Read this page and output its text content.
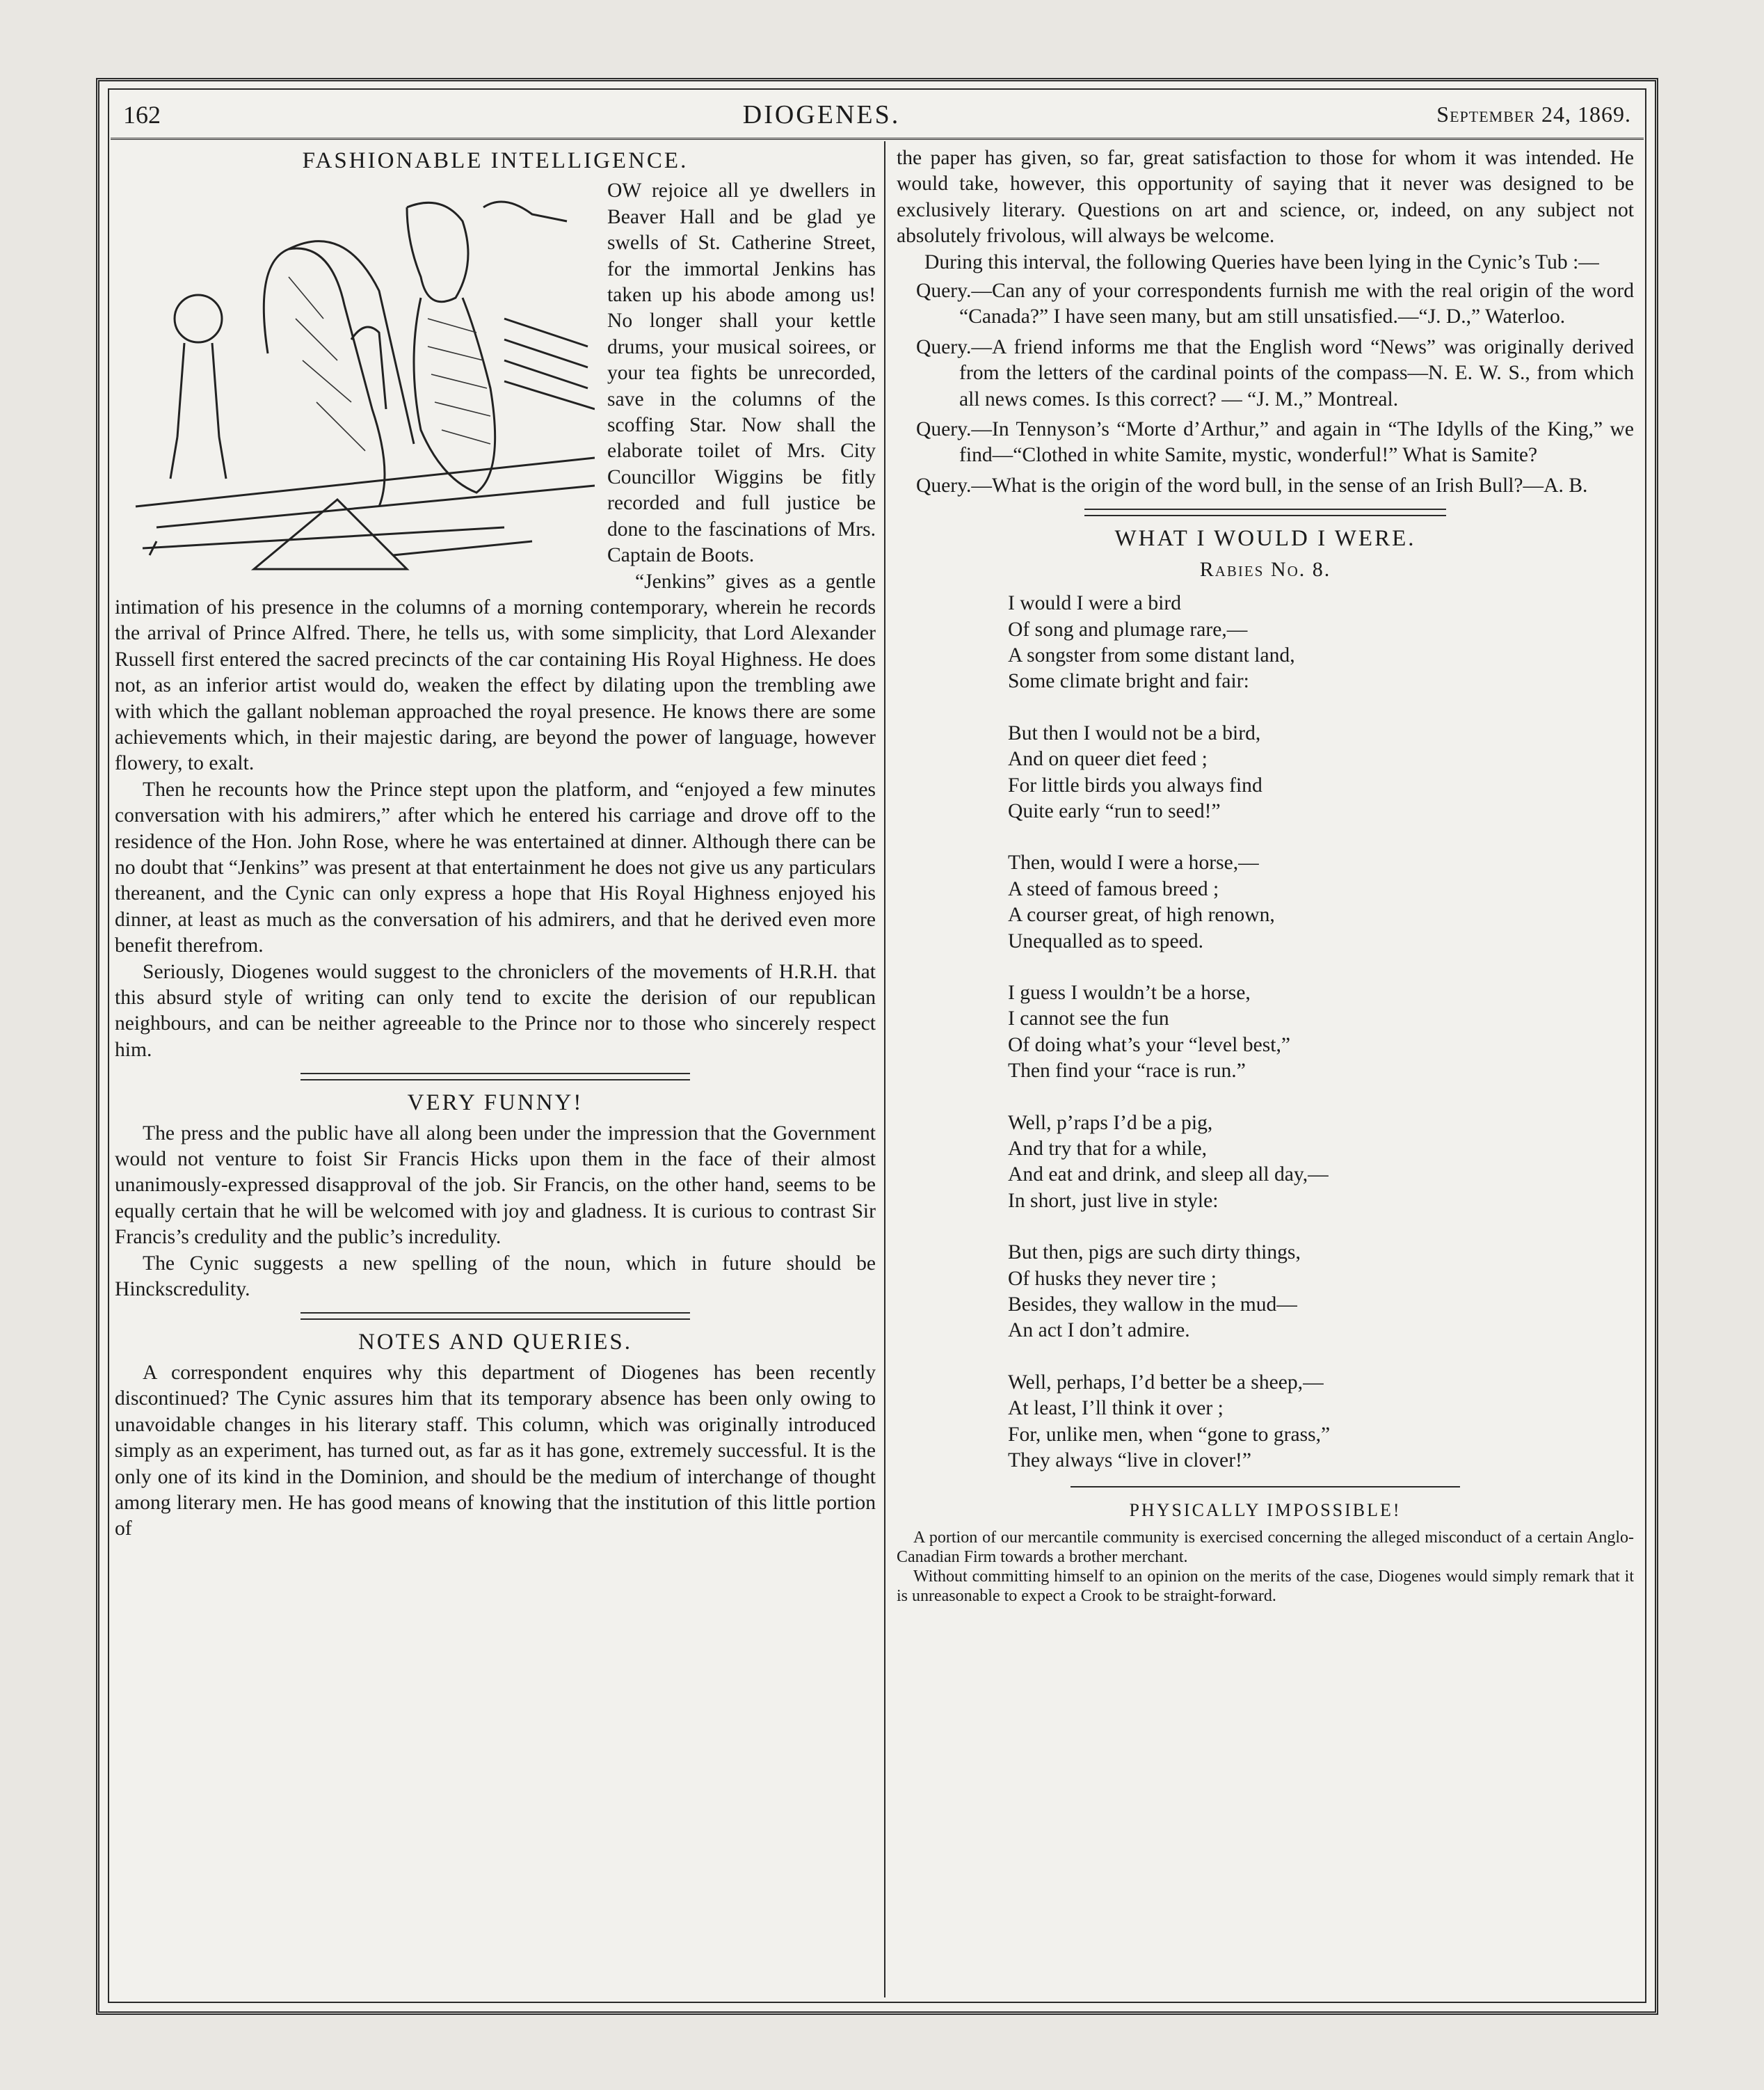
162	DIOGENES.	September 24, 1869.
FASHIONABLE INTELLIGENCE.

OW rejoice all ye dwellers in Beaver Hall and be glad ye swells of St. Catherine Street, for the immortal Jenkins has taken up his abode among us! No longer shall your kettle drums, your musical soirees, or your tea fights be unrecorded, save in the columns of the scoffing Star. Now shall the elaborate toilet of Mrs. City Councillor Wiggins be fitly recorded and full justice be done to the fascinations of Mrs. Captain de Boots.

“Jenkins” gives as a gentle intimation of his presence in the columns of a morning contemporary, wherein he records the arrival of Prince Alfred. There, he tells us, with some simplicity, that Lord Alexander Russell first entered the sacred precincts of the car containing His Royal Highness. He does not, as an inferior artist would do, weaken the effect by dilating upon the trembling awe with which the gallant nobleman approached the royal presence. He knows there are some achievements which, in their majestic daring, are beyond the power of language, however flowery, to exalt.

Then he recounts how the Prince stept upon the platform, and “enjoyed a few minutes conversation with his admirers,” after which he entered his carriage and drove off to the residence of the Hon. John Rose, where he was entertained at dinner. Although there can be no doubt that “Jenkins” was present at that entertainment he does not give us any particulars thereanent, and the Cynic can only express a hope that His Royal Highness enjoyed his dinner, at least as much as the conversation of his admirers, and that he derived even more benefit therefrom.

Seriously, Diogenes would suggest to the chroniclers of the movements of H.R.H. that this absurd style of writing can only tend to excite the derision of our republican neighbours, and can be neither agreeable to the Prince nor to those who sincerely respect him.

VERY FUNNY!

The press and the public have all along been under the impression that the Government would not venture to foist Sir Francis Hicks upon them in the face of their almost unanimously-expressed disapproval of the job. Sir Francis, on the other hand, seems to be equally certain that he will be welcomed with joy and gladness. It is curious to contrast Sir Francis’s credulity and the public’s incredulity.

The Cynic suggests a new spelling of the noun, which in future should be Hinckscredulity.

NOTES AND QUERIES.

A correspondent enquires why this department of Diogenes has been recently discontinued? The Cynic assures him that its temporary absence has been only owing to unavoidable changes in his literary staff. This column, which was originally introduced simply as an experiment, has turned out, as far as it has gone, extremely successful. It is the only one of its kind in the Dominion, and should be the medium of interchange of thought among literary men. He has good means of knowing that the institution of this little portion of

the paper has given, so far, great satisfaction to those for whom it was intended. He would take, however, this opportunity of saying that it never was designed to be exclusively literary. Questions on art and science, or, indeed, on any subject not absolutely frivolous, will always be welcome.

During this interval, the following Queries have been lying in the Cynic’s Tub :—

Query.—Can any of your correspondents furnish me with the real origin of the word “Canada?” I have seen many, but am still unsatisfied.—“J. D.,” Waterloo.

Query.—A friend informs me that the English word “News” was originally derived from the letters of the cardinal points of the compass—N. E. W. S., from which all news comes. Is this correct? — “J. M.,” Montreal.

Query.—In Tennyson’s “Morte d’Arthur,” and again in “The Idylls of the King,” we find—“Clothed in white Samite, mystic, wonderful!” What is Samite?

Query.—What is the origin of the word bull, in the sense of an Irish Bull?—A. B.

WHAT I WOULD I WERE.
Rabies No. 8.
I would I were a bird
Of song and plumage rare,—
A songster from some distant land,
Some climate bright and fair:
But then I would not be a bird,
And on queer diet feed ;
For little birds you always find
Quite early “run to seed!”
Then, would I were a horse,—
A steed of famous breed ;
A courser great, of high renown,
Unequalled as to speed.
I guess I wouldn’t be a horse,
I cannot see the fun
Of doing what’s your “level best,”
Then find your “race is run.”
Well, p’raps I’d be a pig,
And try that for a while,
And eat and drink, and sleep all day,—
In short, just live in style:
But then, pigs are such dirty things,
Of husks they never tire ;
Besides, they wallow in the mud—
An act I don’t admire.
Well, perhaps, I’d better be a sheep,—
At least, I’ll think it over ;
For, unlike men, when “gone to grass,”
They always “live in clover!”
PHYSICALLY IMPOSSIBLE!

A portion of our mercantile community is exercised concerning the alleged misconduct of a certain Anglo-Canadian Firm towards a brother merchant.

Without committing himself to an opinion on the merits of the case, Diogenes would simply remark that it is unreasonable to expect a Crook to be straight-forward.
